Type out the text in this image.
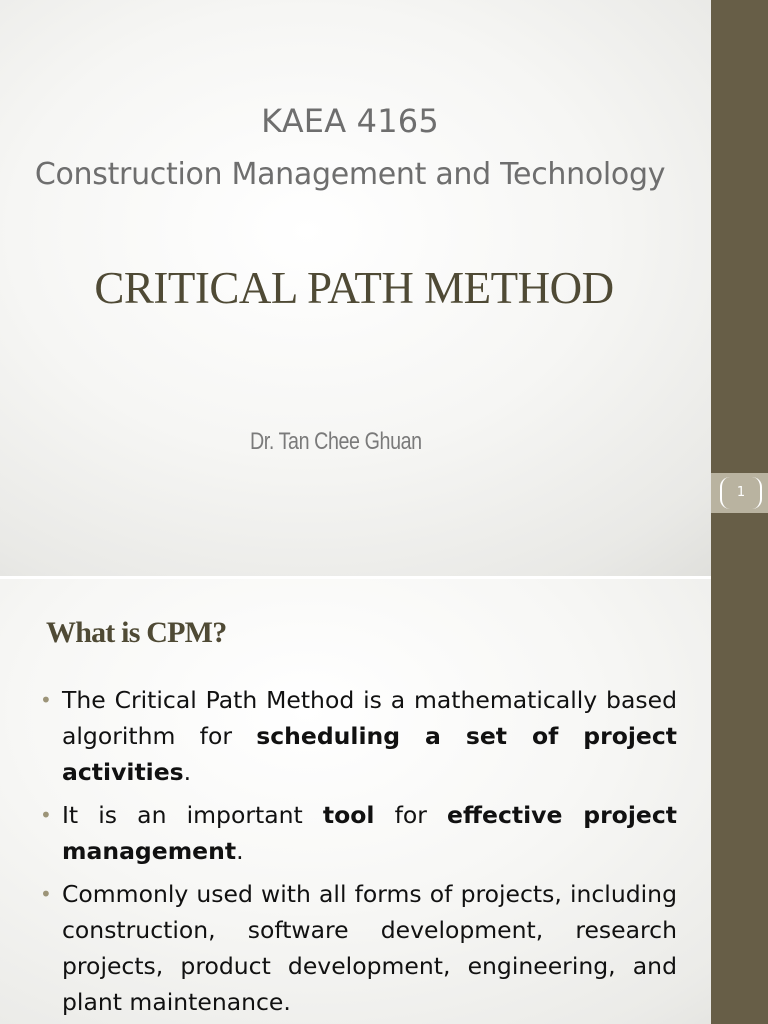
KAEA 4165
Construction Management and Technology
CRITICAL PATH METHOD
Dr. Tan Chee Ghuan
What is CPM?
• The Critical Path Method is a mathematically based algorithm for scheduling a set of project activities.
• It is an important tool for effective project management.
• Commonly used with all forms of projects, including construction, software development, research projects, product development, engineering, and plant maintenance.
1
